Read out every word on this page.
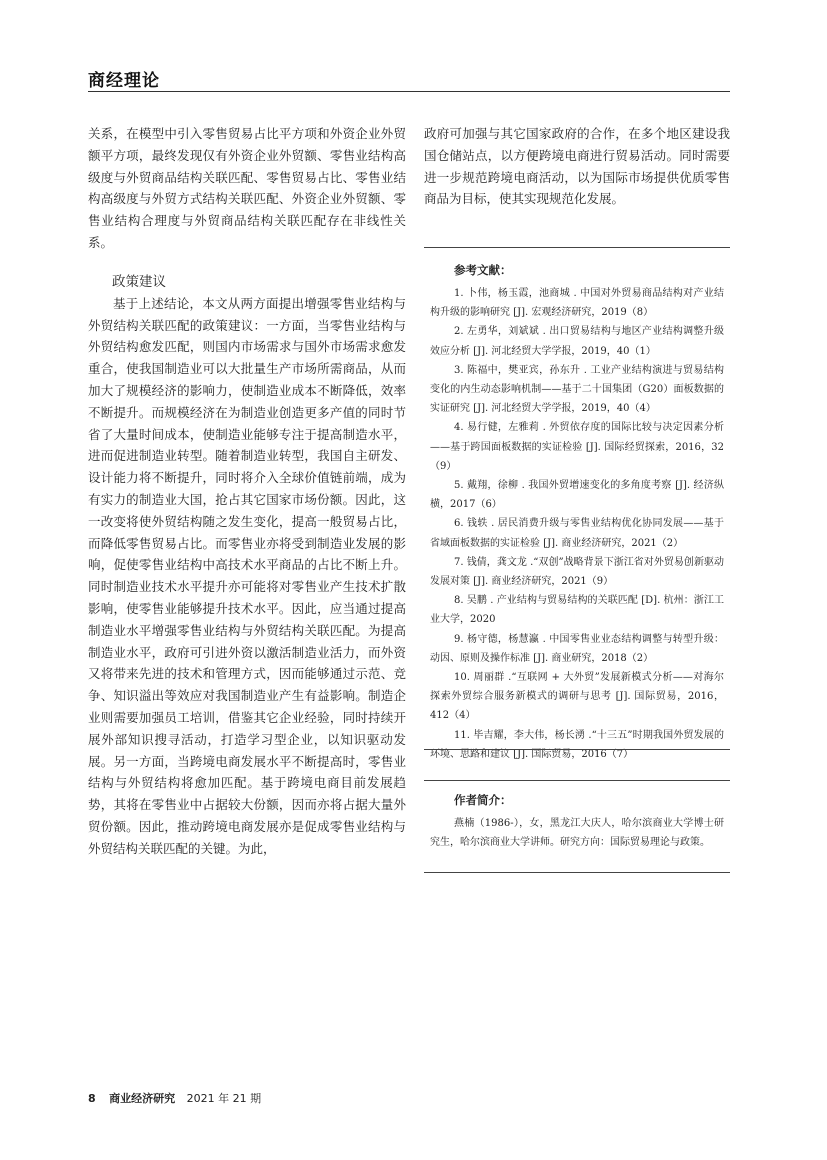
商经理论

关系，在模型中引入零售贸易占比平方项和外资企业外贸额平方项，最终发现仅有外资企业外贸额、零售业结构高级度与外贸商品结构关联匹配、零售贸易占比、零售业结构高级度与外贸方式结构关联匹配、外资企业外贸额、零售业结构合理度与外贸商品结构关联匹配存在非线性关系。

政策建议

基于上述结论，本文从两方面提出增强零售业结构与外贸结构关联匹配的政策建议：一方面，当零售业结构与外贸结构愈发匹配，则国内市场需求与国外市场需求愈发重合，使我国制造业可以大批量生产市场所需商品，从而加大了规模经济的影响力，使制造业成本不断降低，效率不断提升。而规模经济在为制造业创造更多产值的同时节省了大量时间成本，使制造业能够专注于提高制造水平，进而促进制造业转型。随着制造业转型，我国自主研发、设计能力将不断提升，同时将介入全球价值链前端，成为有实力的制造业大国，抢占其它国家市场份额。因此，这一改变将使外贸结构随之发生变化，提高一般贸易占比，而降低零售贸易占比。而零售业亦将受到制造业发展的影响，促使零售业结构中高技术水平商品的占比不断上升。同时制造业技术水平提升亦可能将对零售业产生技术扩散影响，使零售业能够提升技术水平。因此，应当通过提高制造业水平增强零售业结构与外贸结构关联匹配。为提高制造业水平，政府可引进外资以激活制造业活力，而外资又将带来先进的技术和管理方式，因而能够通过示范、竞争、知识溢出等效应对我国制造业产生有益影响。制造企业则需要加强员工培训，借鉴其它企业经验，同时持续开展外部知识搜寻活动，打造学习型企业，以知识驱动发展。另一方面，当跨境电商发展水平不断提高时，零售业结构与外贸结构将愈加匹配。基于跨境电商目前发展趋势，其将在零售业中占据较大份额，因而亦将占据大量外贸份额。因此，推动跨境电商发展亦是促成零售业结构与外贸结构关联匹配的关键。为此，

政府可加强与其它国家政府的合作，在多个地区建设我国仓储站点，以方便跨境电商进行贸易活动。同时需要进一步规范跨境电商活动，以为国际市场提供优质零售商品为目标，使其实现规范化发展。

参考文献：
1. 卜伟，杨玉霞，池商城 . 中国对外贸易商品结构对产业结构升级的影响研究 [J]. 宏观经济研究，2019（8）
2. 左勇华，刘斌斌 . 出口贸易结构与地区产业结构调整升级效应分析 [J]. 河北经贸大学学报，2019，40（1）
3. 陈福中，樊亚宾，孙东升 . 工业产业结构演进与贸易结构变化的内生动态影响机制——基于二十国集团（G20）面板数据的实证研究 [J]. 河北经贸大学学报，2019，40（4）
4. 易行健，左雅莉 . 外贸依存度的国际比较与决定因素分析——基于跨国面板数据的实证检验 [J]. 国际经贸探索，2016，32（9）
5. 戴翔，徐柳 . 我国外贸增速变化的多角度考察 [J]. 经济纵横，2017（6）
6. 钱轶 . 居民消费升级与零售业结构优化协同发展——基于省域面板数据的实证检验 [J]. 商业经济研究，2021（2）
7. 钱倩，龚文龙 .“双创”战略背景下浙江省对外贸易创新驱动发展对策 [J]. 商业经济研究，2021（9）
8. 吴鹏 . 产业结构与贸易结构的关联匹配 [D]. 杭州：浙江工业大学，2020
9. 杨守德，杨慧瀛 . 中国零售业业态结构调整与转型升级：动因、原则及操作标准 [J]. 商业研究，2018（2）
10. 周丽群 .“互联网 + 大外贸”发展新模式分析——对海尔探索外贸综合服务新模式的调研与思考 [J]. 国际贸易，2016，412（4）
11. 毕吉耀，李大伟，杨长湧 .“十三五”时期我国外贸发展的环境、思路和建议 [J]. 国际贸易，2016（7）
作者简介：

燕楠（1986-），女，黑龙江大庆人，哈尔滨商业大学博士研究生，哈尔滨商业大学讲师。研究方向：国际贸易理论与政策。

8 商业经济研究 2021 年 21 期
